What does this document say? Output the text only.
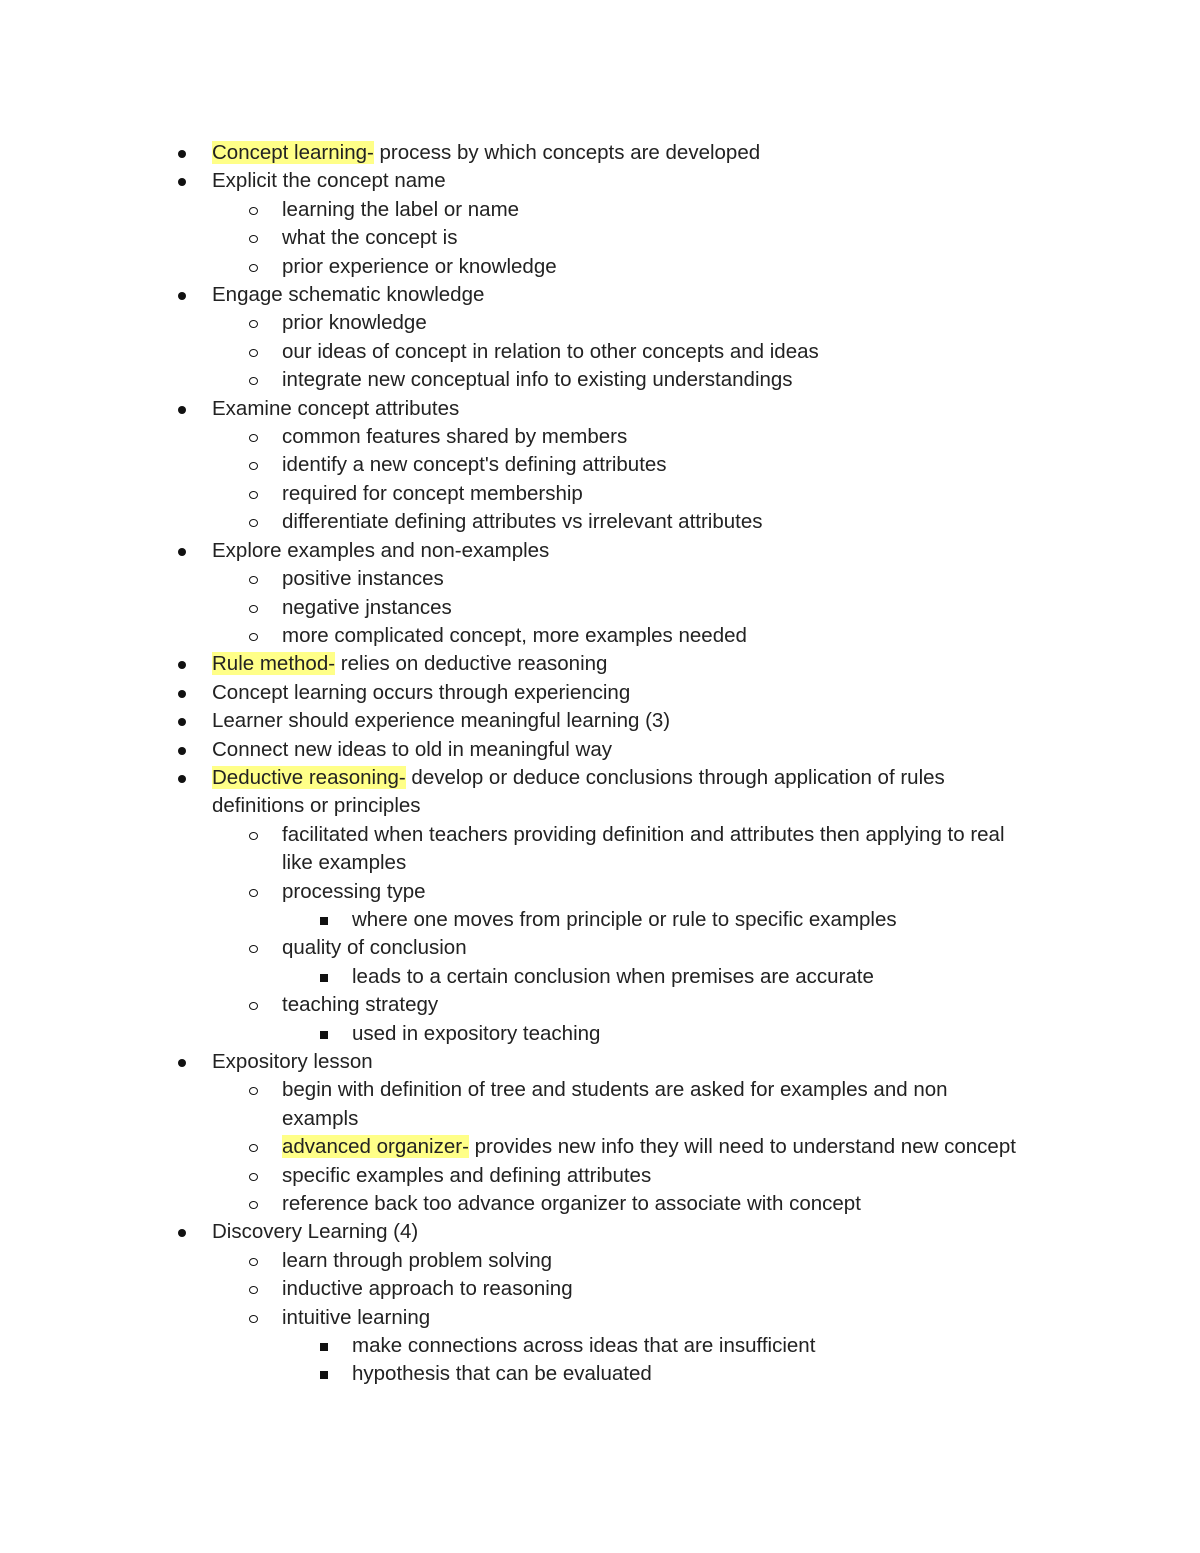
Concept learning- process by which concepts are developed
Explicit the concept name
learning the label or name
what the concept is
prior experience or knowledge
Engage schematic knowledge
prior knowledge
our ideas of concept in relation to other concepts and ideas
integrate new conceptual info to existing understandings
Examine concept attributes
common features shared by members
identify a new concept's defining attributes
required for concept membership
differentiate defining attributes vs irrelevant attributes
Explore examples and non-examples
positive instances
negative jnstances
more complicated concept, more examples needed
Rule method- relies on deductive reasoning
Concept learning occurs through experiencing
Learner should experience meaningful learning (3)
Connect new ideas to old in meaningful way
Deductive reasoning- develop or deduce conclusions through application of rules
definitions or principles
facilitated when teachers providing definition and attributes then applying to real
like examples
processing type
where one moves from principle or rule to specific examples
quality of conclusion
leads to a certain conclusion when premises are accurate
teaching strategy
used in expository teaching
Expository lesson
begin with definition of tree and students are asked for examples and non
exampls
advanced organizer- provides new info they will need to understand new concept
specific examples and defining attributes
reference back too advance organizer to associate with concept
Discovery Learning (4)
learn through problem solving
inductive approach to reasoning
intuitive learning
make connections across ideas that are insufficient
hypothesis that can be evaluated
